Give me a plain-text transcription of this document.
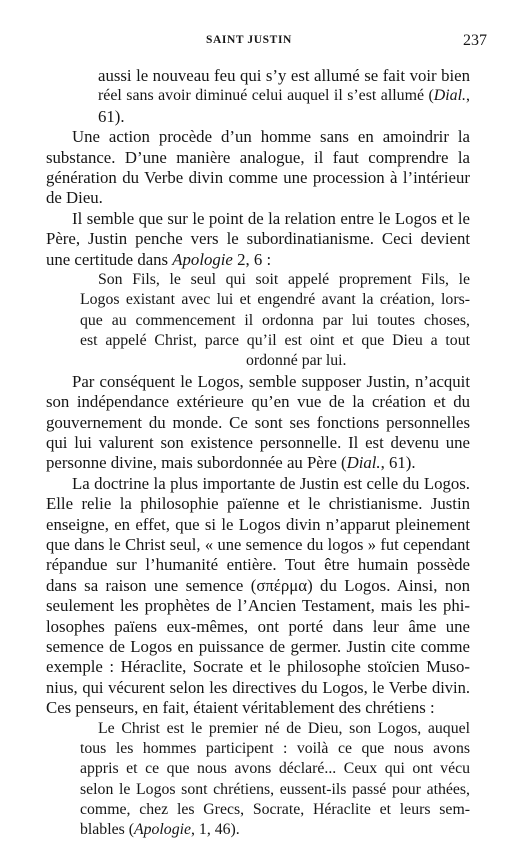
SAINT JUSTIN	237
aussi le nouveau feu qui s’y est allumé se fait voir bien
réel sans avoir diminué celui auquel il s’est allumé (Dial.,
61).
Une action procède d’un homme sans en amoindrir la
substance. D’une manière analogue, il faut comprendre la
génération du Verbe divin comme une procession à l’intérieur
de Dieu.
Il semble que sur le point de la relation entre le Logos et le
Père, Justin penche vers le subordinatianisme. Ceci devient
une certitude dans Apologie 2, 6 :
Son Fils, le seul qui soit appelé proprement Fils, le
Logos existant avec lui et engendré avant la création, lors-
que au commencement il ordonna par lui toutes choses,
est appelé Christ, parce qu’il est oint et que Dieu a tout
ordonné par lui.
Par conséquent le Logos, semble supposer Justin, n’acquit
son indépendance extérieure qu’en vue de la création et du
gouvernement du monde. Ce sont ses fonctions personnelles
qui lui valurent son existence personnelle. Il est devenu une
personne divine, mais subordonnée au Père (Dial., 61).
La doctrine la plus importante de Justin est celle du Logos.
Elle relie la philosophie païenne et le christianisme. Justin
enseigne, en effet, que si le Logos divin n’apparut pleinement
que dans le Christ seul, « une semence du logos » fut cependant
répandue sur l’humanité entière. Tout être humain possède
dans sa raison une semence (σπέρμα) du Logos. Ainsi, non
seulement les prophètes de l’Ancien Testament, mais les phi-
losophes païens eux-mêmes, ont porté dans leur âme une
semence de Logos en puissance de germer. Justin cite comme
exemple : Héraclite, Socrate et le philosophe stoïcien Muso-
nius, qui vécurent selon les directives du Logos, le Verbe divin.
Ces penseurs, en fait, étaient véritablement des chrétiens :
Le Christ est le premier né de Dieu, son Logos, auquel
tous les hommes participent : voilà ce que nous avons
appris et ce que nous avons déclaré... Ceux qui ont vécu
selon le Logos sont chrétiens, eussent-ils passé pour athées,
comme, chez les Grecs, Socrate, Héraclite et leurs sem-
blables (Apologie, 1, 46).
